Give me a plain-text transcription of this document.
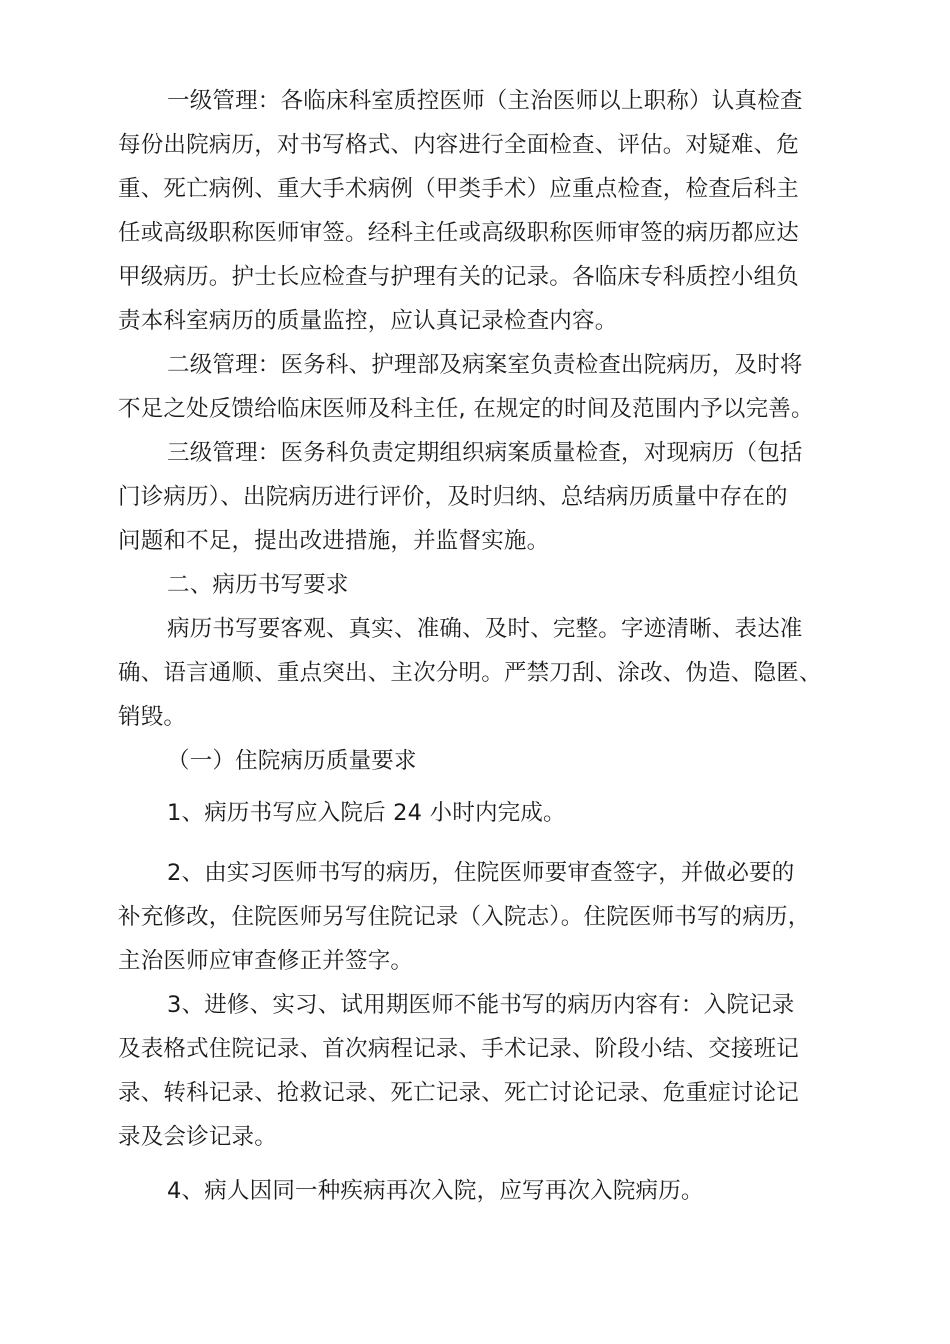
一级管理：各临床科室质控医师（主治医师以上职称）认真检查
每份出院病历，对书写格式、内容进行全面检查、评估。对疑难、危
重、死亡病例、重大手术病例（甲类手术）应重点检查，检查后科主
任或高级职称医师审签。经科主任或高级职称医师审签的病历都应达
甲级病历。护士长应检查与护理有关的记录。各临床专科质控小组负
责本科室病历的质量监控，应认真记录检查内容。
二级管理：医务科、护理部及病案室负责检查出院病历，及时将
不足之处反馈给临床医师及科主任, 在规定的时间及范围内予以完善。
三级管理：医务科负责定期组织病案质量检查，对现病历（包括
门诊病历）、出院病历进行评价，及时归纳、总结病历质量中存在的
问题和不足，提出改进措施，并监督实施。
二、病历书写要求
病历书写要客观、真实、准确、及时、完整。字迹清晰、表达准
确、语言通顺、重点突出、主次分明。严禁刀刮、涂改、伪造、隐匿、
销毁。
（一）住院病历质量要求
1、病历书写应入院后 24 小时内完成。
2、由实习医师书写的病历，住院医师要审查签字，并做必要的
补充修改，住院医师另写住院记录（入院志）。住院医师书写的病历，
主治医师应审查修正并签字。
3、进修、实习、试用期医师不能书写的病历内容有：入院记录
及表格式住院记录、首次病程记录、手术记录、阶段小结、交接班记
录、转科记录、抢救记录、死亡记录、死亡讨论记录、危重症讨论记
录及会诊记录。
4、病人因同一种疾病再次入院，应写再次入院病历。
